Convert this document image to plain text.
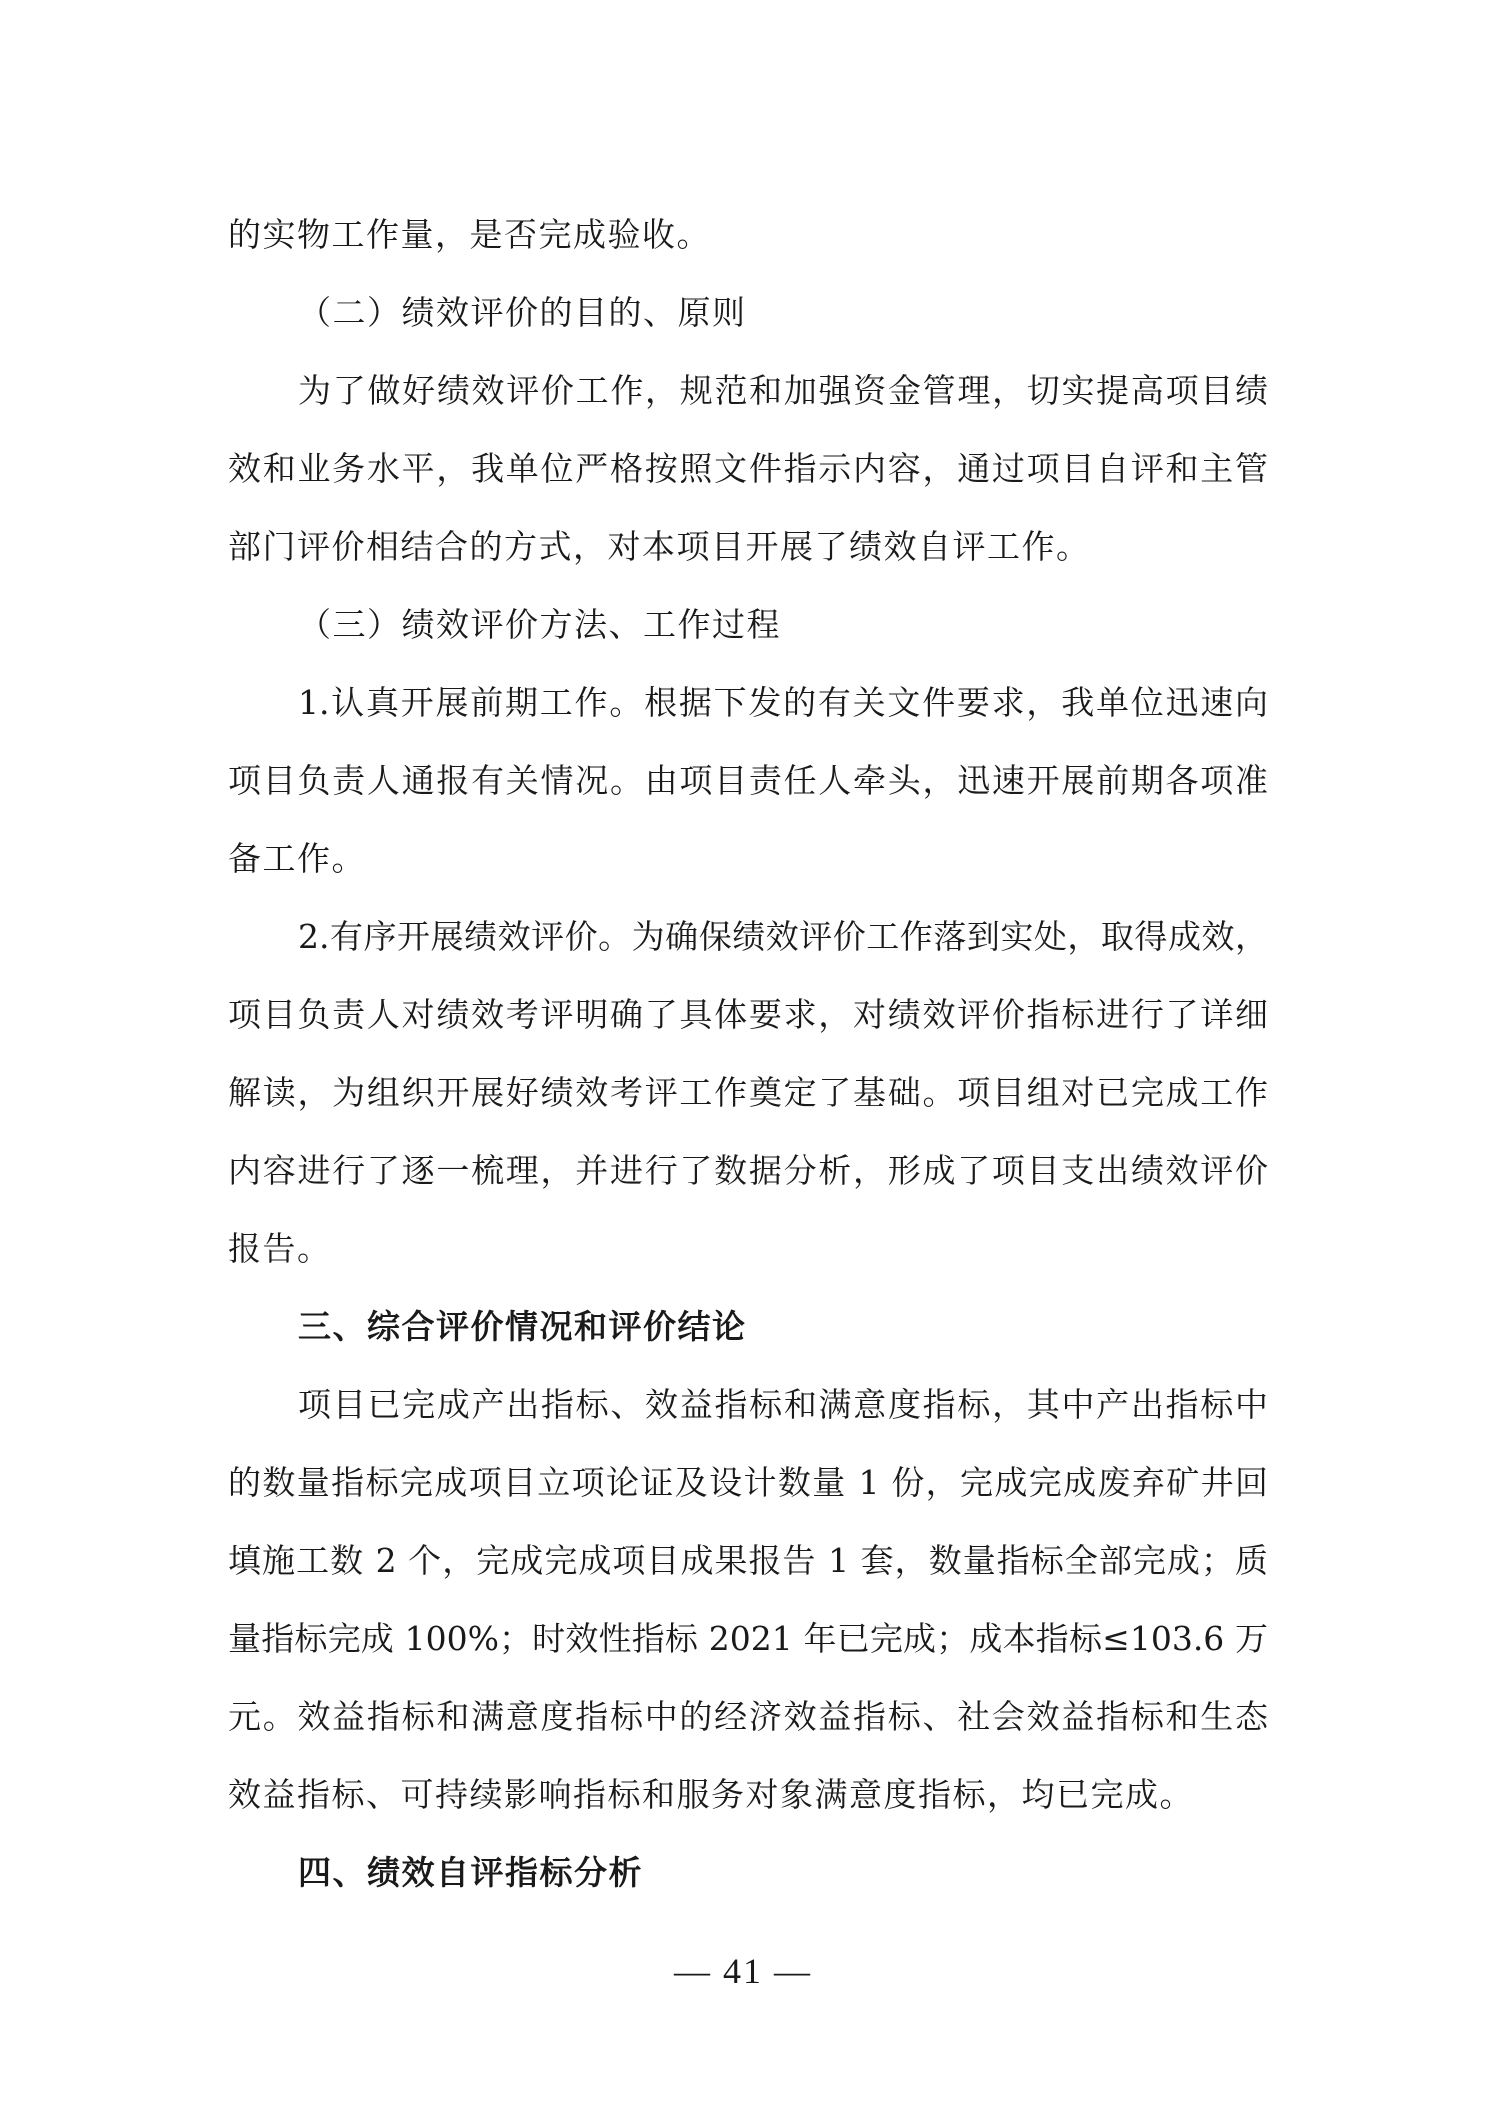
的实物工作量，是否完成验收。
（二）绩效评价的目的、原则
为了做好绩效评价工作，规范和加强资金管理，切实提高项目绩
效和业务水平，我单位严格按照文件指示内容，通过项目自评和主管
部门评价相结合的方式，对本项目开展了绩效自评工作。
（三）绩效评价方法、工作过程
1.认真开展前期工作。根据下发的有关文件要求，我单位迅速向
项目负责人通报有关情况。由项目责任人牵头，迅速开展前期各项准
备工作。
2.有序开展绩效评价。为确保绩效评价工作落到实处，取得成效，
项目负责人对绩效考评明确了具体要求，对绩效评价指标进行了详细
解读，为组织开展好绩效考评工作奠定了基础。项目组对已完成工作
内容进行了逐一梳理，并进行了数据分析，形成了项目支出绩效评价
报告。
三、综合评价情况和评价结论
项目已完成产出指标、效益指标和满意度指标，其中产出指标中
的数量指标完成项目立项论证及设计数量 1 份，完成完成废弃矿井回
填施工数 2 个，完成完成项目成果报告 1 套，数量指标全部完成；质
量指标完成 100%；时效性指标 2021 年已完成；成本指标≤103.6 万
元。效益指标和满意度指标中的经济效益指标、社会效益指标和生态
效益指标、可持续影响指标和服务对象满意度指标，均已完成。
四、绩效自评指标分析
— 41 —
